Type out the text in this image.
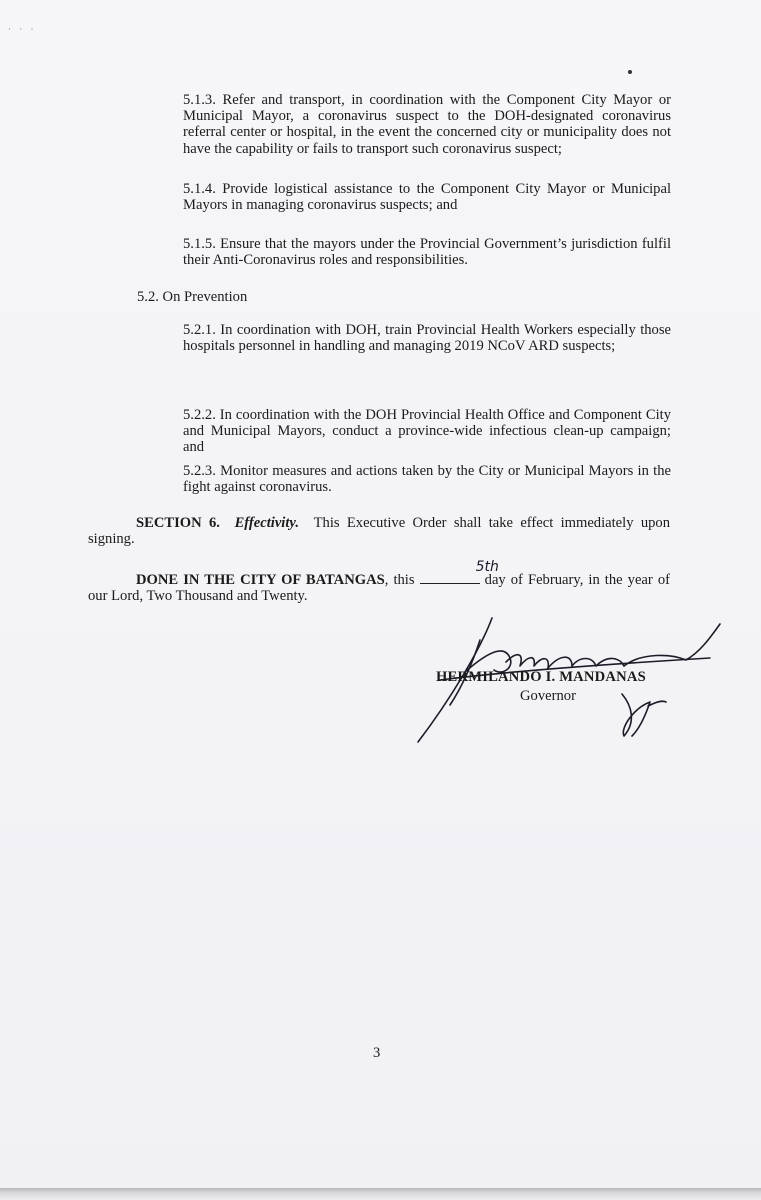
· · ·

5.1.3. Refer and transport, in coordination with the Component City Mayor or Municipal Mayor, a coronavirus suspect to the DOH-designated coronavirus referral center or hospital, in the event the concerned city or municipality does not have the capability or fails to transport such coronavirus suspect;

5.1.4. Provide logistical assistance to the Component City Mayor or Municipal Mayors in managing coronavirus suspects; and

5.1.5. Ensure that the mayors under the Provincial Government’s jurisdiction fulfil their Anti-Coronavirus roles and responsibilities.

5.2. On Prevention

5.2.1. In coordination with DOH, train Provincial Health Workers especially those hospitals personnel in handling and managing 2019 NCoV ARD suspects;

5.2.2. In coordination with the DOH Provincial Health Office and Component City and Municipal Mayors, conduct a province-wide infectious clean-up campaign; and

5.2.3. Monitor measures and actions taken by the City or Municipal Mayors in the fight against coronavirus.

SECTION 6. Effectivity. This Executive Order shall take effect immediately upon signing.

DONE IN THE CITY OF BATANGAS, this
5th
day of February, in the year of our Lord, Two Thousand and Twenty.

HERMILANDO I. MANDANAS
Governor
3
